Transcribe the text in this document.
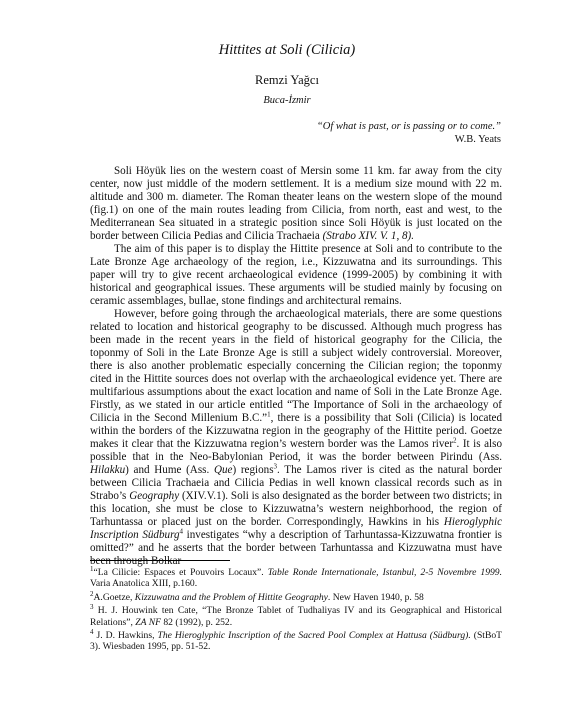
Hittites at Soli (Cilicia)
Remzi Yağcı
Buca-İzmir
“Of what is past, or is passing or to come.”
W.B. Yeats

Soli Höyük lies on the western coast of Mersin some 11 km. far away from the city center, now just middle of the modern settlement. It is a medium size mound with 22 m. altitude and 300 m. diameter. The Roman theater leans on the western slope of the mound (fig.1) on one of the main routes leading from Cilicia, from north, east and west, to the Mediterranean Sea situated in a strategic position since Soli Höyük is just located on the border between Cilicia Pedias and Cilicia Trachaeia (Strabo XIV. V. 1, 8).

The aim of this paper is to display the Hittite presence at Soli and to contribute to the Late Bronze Age archaeology of the region, i.e., Kizzuwatna and its surroundings. This paper will try to give recent archaeological evidence (1999-2005) by combining it with historical and geographical issues. These arguments will be studied mainly by focusing on ceramic assemblages, bullae, stone findings and architectural remains.

However, before going through the archaeological materials, there are some questions related to location and historical geography to be discussed. Although much progress has been made in the recent years in the field of historical geography for the Cilicia, the toponmy of Soli in the Late Bronze Age is still a subject widely controversial. Moreover, there is also another problematic especially concerning the Cilician region; the toponmy cited in the Hittite sources does not overlap with the archaeological evidence yet. There are multifarious assumptions about the exact location and name of Soli in the Late Bronze Age. Firstly, as we stated in our article entitled “The Importance of Soli in the archaeology of Cilicia in the Second Millenium B.C.”$^1$, there is a possibility that Soli (Cilicia) is located within the borders of the Kizzuwatna region in the geography of the Hittite period. Goetze makes it clear that the Kizzuwatna region’s western border was the Lamos river$^2$. It is also possible that in the Neo-Babylonian Period, it was the border between Pirindu (Ass. Hilakku) and Hume (Ass. Que) regions$^3$. The Lamos river is cited as the natural border between Cilicia Trachaeia and Cilicia Pedias in well known classical records such as in Strabo’s Geography (XIV.V.1). Soli is also designated as the border between two districts; in this location, she must be close to Kizzuwatna’s western neighborhood, the region of Tarhuntassa or placed just on the border. Correspondingly, Hawkins in his Hieroglyphic Inscription Südburg$^4$ investigates “why a description of Tarhuntassa-Kizzuwatna frontier is omitted?” and he asserts that the border between Tarhuntassa and Kizzuwatna must have been through Bolkar

$^1$“La Cilicie: Espaces et Pouvoirs Locaux”. Table Ronde Internationale, Istanbul, 2-5 Novembre 1999. Varia Anatolica XIII, p.160.

$^2$A.Goetze, Kizzuwatna and the Problem of Hittite Geography. New Haven 1940, p. 58

$^3$ H. J. Houwink ten Cate, “The Bronze Tablet of Tudhaliyas IV and its Geographical and Historical Relations”, ZA NF 82 (1992), p. 252.

$^4$ J. D. Hawkins, The Hieroglyphic Inscription of the Sacred Pool Complex at Hattusa (Südburg). (StBoT 3). Wiesbaden 1995, pp. 51-52.
